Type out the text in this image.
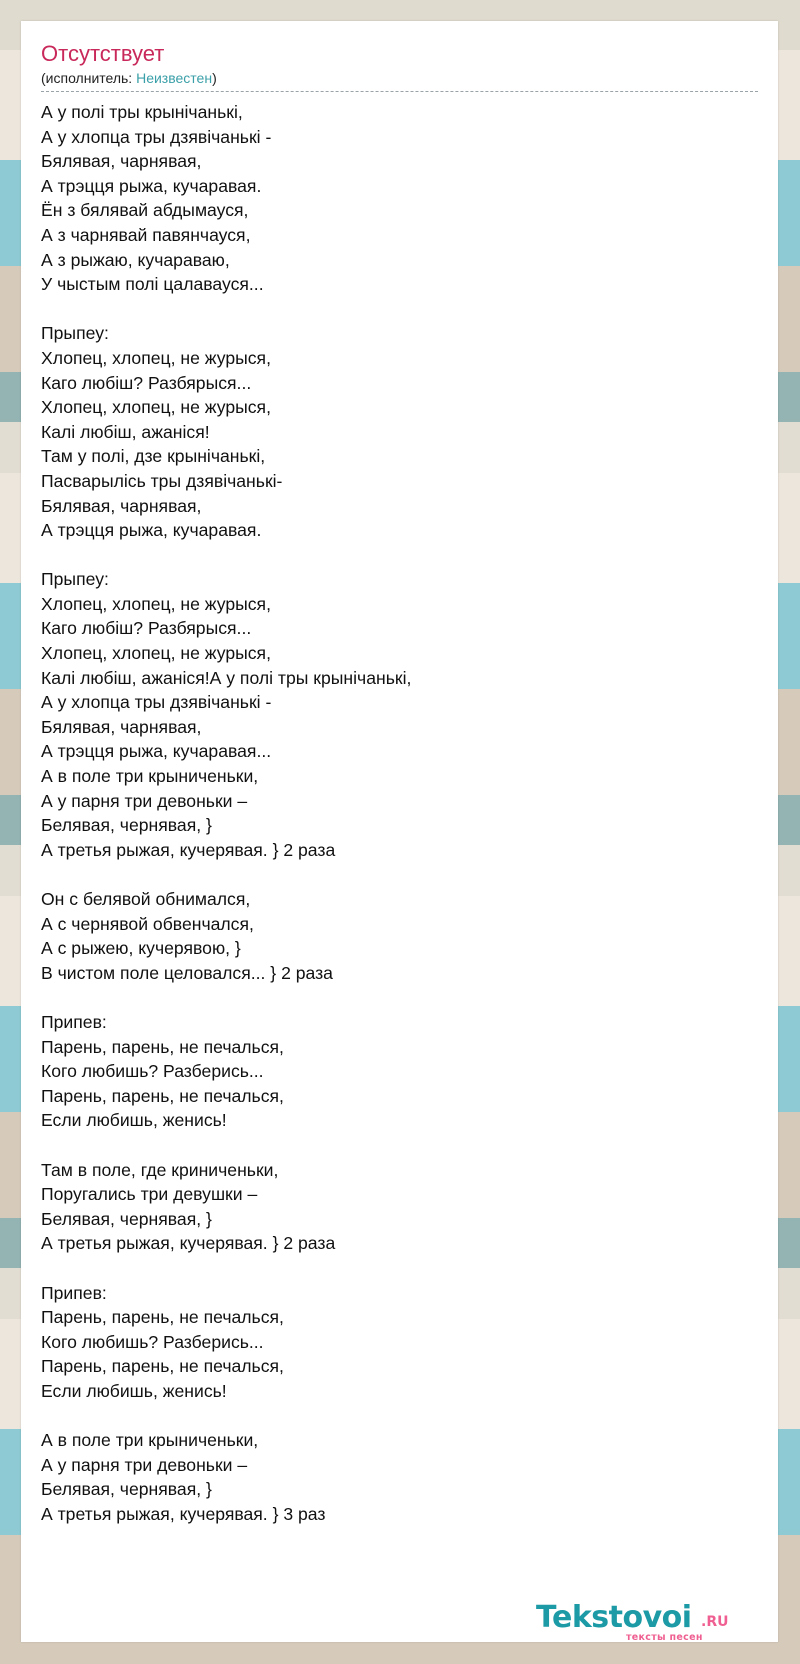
Отсутствует
(исполнитель: Неизвестен)
А у полі тры крынічанькі,
А у хлопца тры дзявічанькі -
Бялявая, чарнявая,
А трэцця рыжа, кучаравая.
Ён з бялявай абдымауся,
А з чарнявай павянчауся,
А з рыжаю, кучараваю,
У чыстым полі цалавауся...
Прыпеу:
Хлопец, хлопец, не журыся,
Каго любіш? Разбярыся...
Хлопец, хлопец, не журыся,
Калі любіш, ажаніся!
Там у полі, дзе крынічанькі,
Пасварылісь тры дзявічанькі-
Бялявая, чарнявая,
А трэцця рыжа, кучаравая.
Прыпеу:
Хлопец, хлопец, не журыся,
Каго любіш? Разбярыся...
Хлопец, хлопец, не журыся,
Калі любіш, ажаніся!А у полі тры крынічанькі,
А у хлопца тры дзявічанькі -
Бялявая, чарнявая,
А трэцця рыжа, кучаравая...
А в поле три крыниченьки,
А у парня три девоньки –
Белявая, чернявая, }
А третья рыжая, кучерявая. } 2 раза
Он с белявой обнимался,
А с чернявой обвенчался,
А с рыжею, кучерявою, }
В чистом поле целовался... } 2 раза
Припев:
Парень, парень, не печалься,
Кого любишь? Разберись...
Парень, парень, не печалься,
Если любишь, женись!
Там в поле, где криниченьки,
Поругались три девушки –
Белявая, чернявая, }
А третья рыжая, кучерявая. } 2 раза
Припев:
Парень, парень, не печалься,
Кого любишь? Разберись...
Парень, парень, не печалься,
Если любишь, женись!
А в поле три крыниченьки,
А у парня три девоньки –
Белявая, чернявая, }
А третья рыжая, кучерявая. } 3 раз
Tekstovoi .RU
тексты песен
